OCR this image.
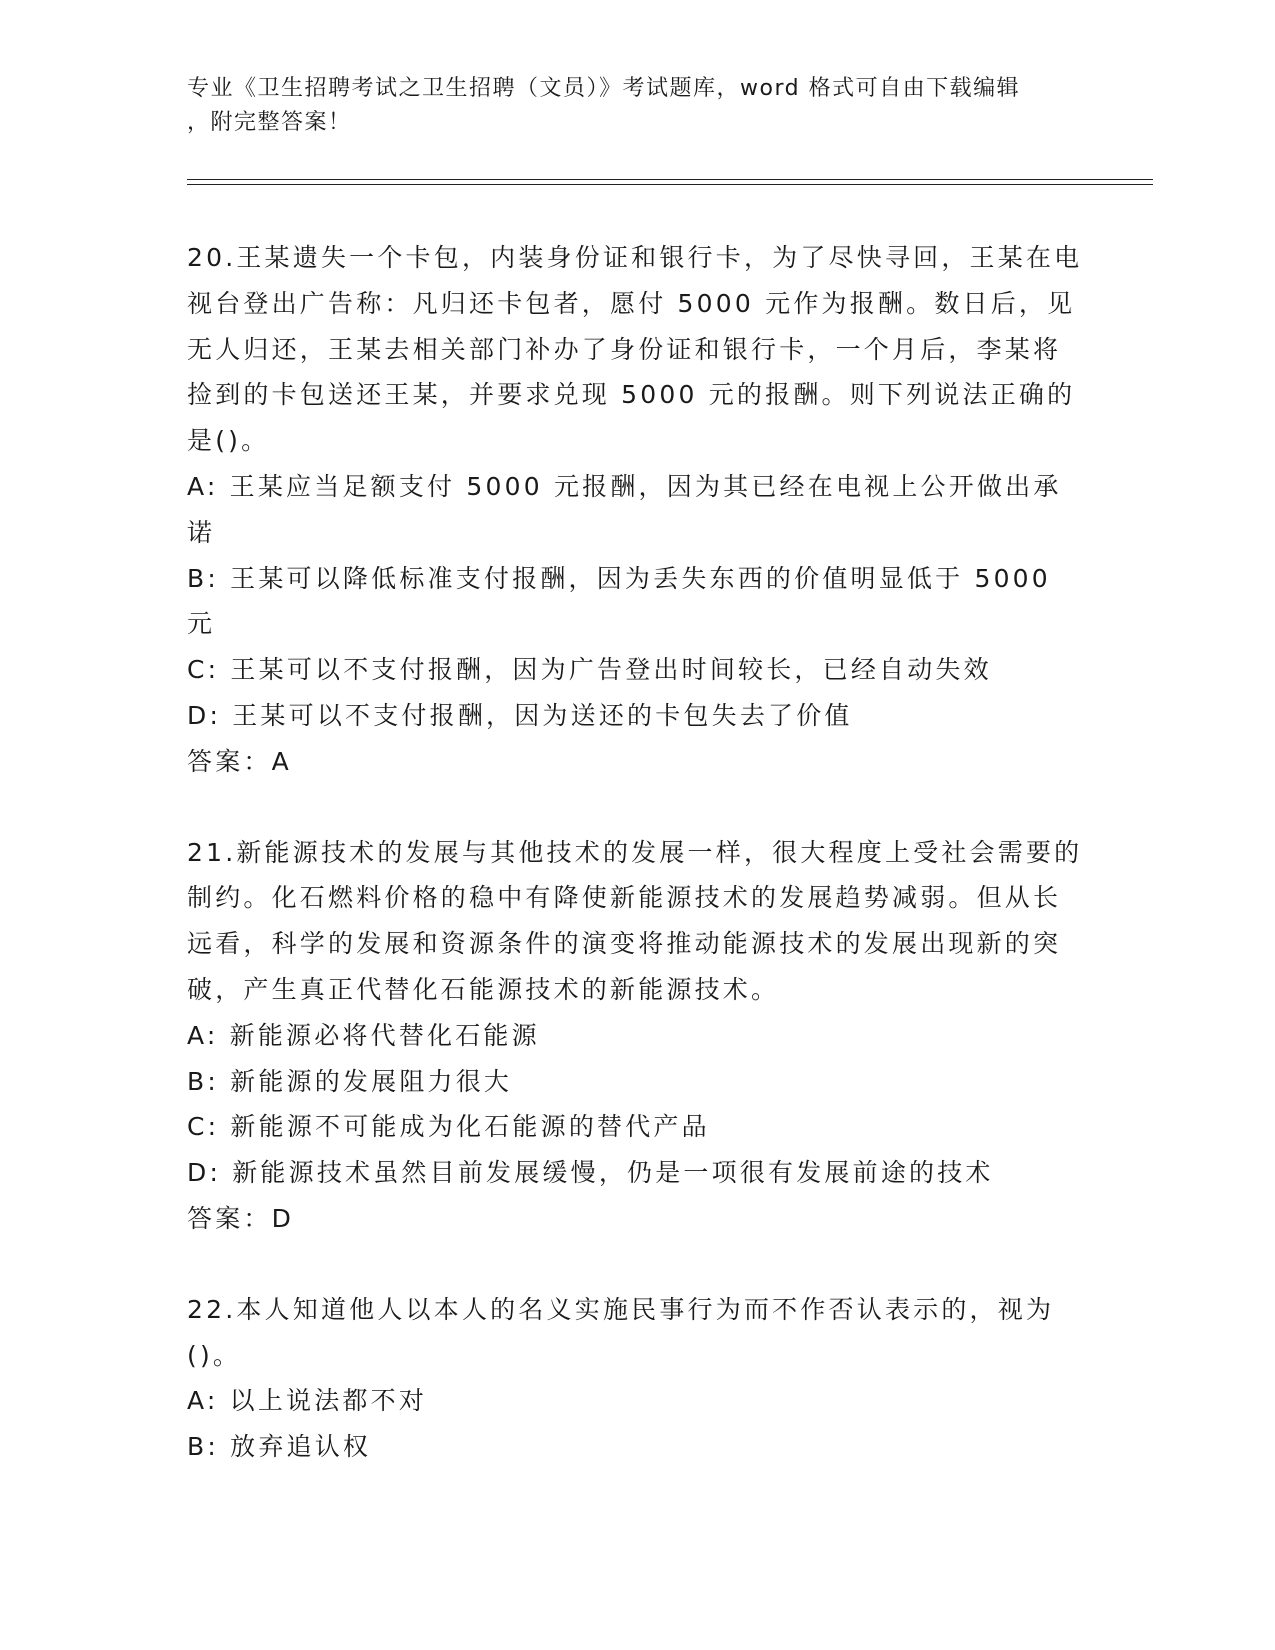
专业《卫生招聘考试之卫生招聘（文员）》考试题库，word 格式可自由下载编辑
，附完整答案！
20.王某遗失一个卡包，内装身份证和银行卡，为了尽快寻回，王某在电视台登出广告称：凡归还卡包者，愿付 5000 元作为报酬。数日后，见无人归还，王某去相关部门补办了身份证和银行卡，一个月后，李某将捡到的卡包送还王某，并要求兑现 5000 元的报酬。则下列说法正确的是()。
A: 王某应当足额支付 5000 元报酬，因为其已经在电视上公开做出承诺
B: 王某可以降低标准支付报酬，因为丢失东西的价值明显低于 5000 元
C: 王某可以不支付报酬，因为广告登出时间较长，已经自动失效
D: 王某可以不支付报酬，因为送还的卡包失去了价值
答案：A
21.新能源技术的发展与其他技术的发展一样，很大程度上受社会需要的制约。化石燃料价格的稳中有降使新能源技术的发展趋势减弱。但从长远看，科学的发展和资源条件的演变将推动能源技术的发展出现新的突破，产生真正代替化石能源技术的新能源技术。
A: 新能源必将代替化石能源
B: 新能源的发展阻力很大
C: 新能源不可能成为化石能源的替代产品
D: 新能源技术虽然目前发展缓慢，仍是一项很有发展前途的技术
答案：D
22.本人知道他人以本人的名义实施民事行为而不作否认表示的，视为()。
A: 以上说法都不对
B: 放弃追认权
